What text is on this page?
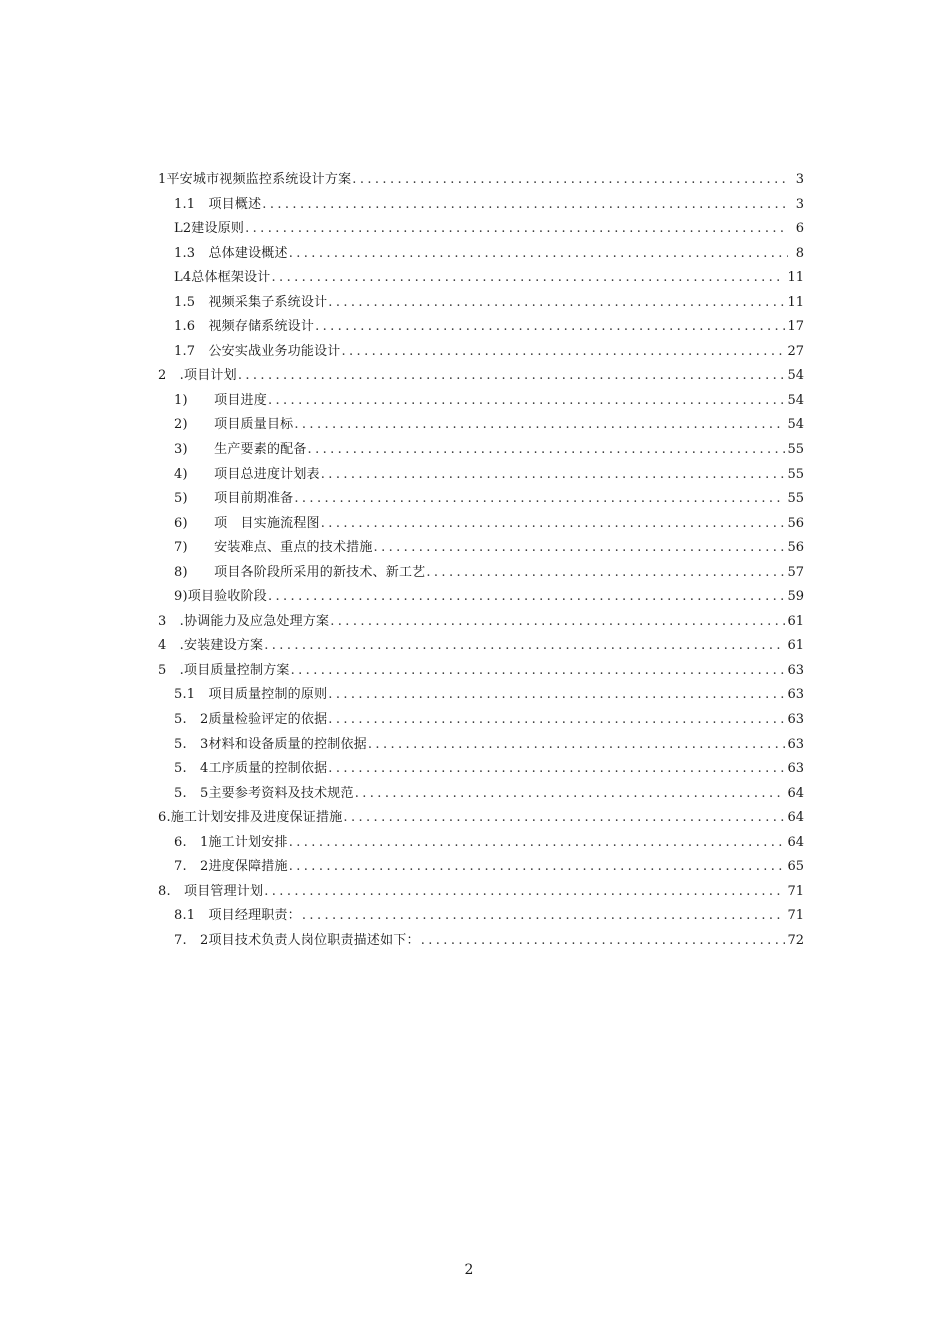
1平安城市视频监控系统设计方案 .....	3
1.1　项目概述 .....	3
L2建设原则 .....	6
1.3　总体建设概述 .....	8
L4总体框架设计 .....	11
1.5　视频采集子系统设计 .....	11
1.6　视频存储系统设计 .....	17
1.7　公安实战业务功能设计 .....	27
2　.项目计划 .....	54
1)　　项目进度 .....	54
2)　　项目质量目标 .....	54
3)　　生产要素的配备 .....	55
4)　　项目总进度计划表 .....	55
5)　　项目前期准备 .....	55
6)　　项　目实施流程图 .....	56
7)　　安装难点、重点的技术措施 .....	56
8)　　项目各阶段所采用的新技术、新工艺 .....	57
9)项目验收阶段 .....	59
3　.协调能力及应急处理方案 .....	61
4　.安装建设方案 .....	61
5　.项目质量控制方案 .....	63
5.1　项目质量控制的原则 .....	63
5.　2质量检验评定的依据 .....	63
5.　3材料和设备质量的控制依据 .....	63
5.　4工序质量的控制依据 .....	63
5.　5主要参考资料及技术规范 .....	64
6.施工计划安排及进度保证措施 .....	64
6.　1施工计划安排 .....	64
7.　2进度保障措施 .....	65
8.　项目管理计划 .....	71
8.1　项目经理职责： .....	71
7.　2项目技术负责人岗位职责描述如下： .....	72
2
